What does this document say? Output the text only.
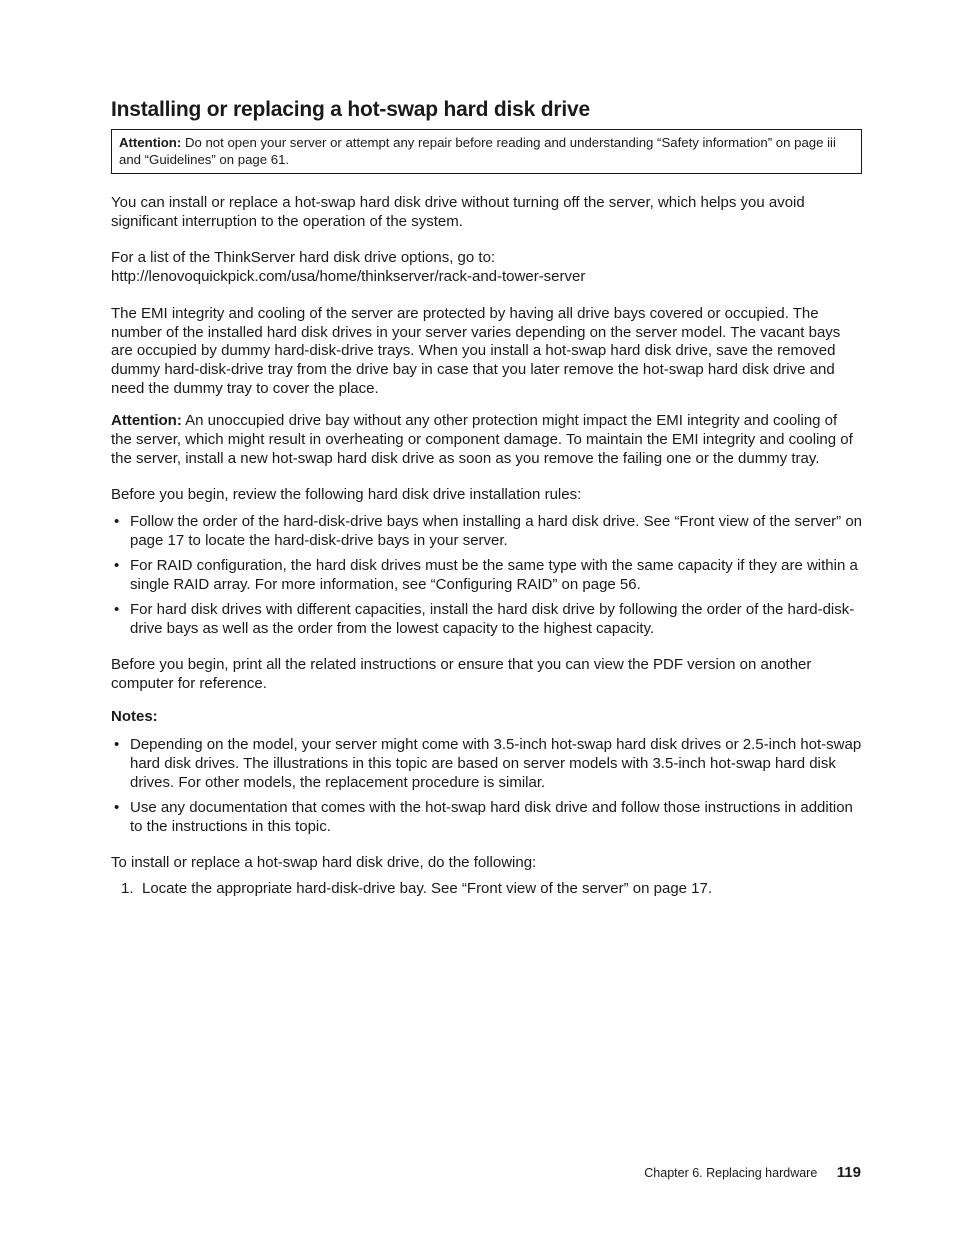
Installing or replacing a hot-swap hard disk drive
Attention: Do not open your server or attempt any repair before reading and understanding “Safety information” on page iii and “Guidelines” on page 61.

You can install or replace a hot-swap hard disk drive without turning off the server, which helps you avoid significant interruption to the operation of the system.

For a list of the ThinkServer hard disk drive options, go to:
http://lenovoquickpick.com/usa/home/thinkserver/rack-and-tower-server

The EMI integrity and cooling of the server are protected by having all drive bays covered or occupied. The number of the installed hard disk drives in your server varies depending on the server model. The vacant bays are occupied by dummy hard-disk-drive trays. When you install a hot-swap hard disk drive, save the removed dummy hard-disk-drive tray from the drive bay in case that you later remove the hot-swap hard disk drive and need the dummy tray to cover the place.

Attention: An unoccupied drive bay without any other protection might impact the EMI integrity and cooling of the server, which might result in overheating or component damage. To maintain the EMI integrity and cooling of the server, install a new hot-swap hard disk drive as soon as you remove the failing one or the dummy tray.

Before you begin, review the following hard disk drive installation rules:

• Follow the order of the hard-disk-drive bays when installing a hard disk drive. See “Front view of the server” on page 17 to locate the hard-disk-drive bays in your server.
• For RAID configuration, the hard disk drives must be the same type with the same capacity if they are within a single RAID array. For more information, see “Configuring RAID” on page 56.
• For hard disk drives with different capacities, install the hard disk drive by following the order of the hard-disk-drive bays as well as the order from the lowest capacity to the highest capacity.

Before you begin, print all the related instructions or ensure that you can view the PDF version on another computer for reference.

Notes:
• Depending on the model, your server might come with 3.5-inch hot-swap hard disk drives or 2.5-inch hot-swap hard disk drives. The illustrations in this topic are based on server models with 3.5-inch hot-swap hard disk drives. For other models, the replacement procedure is similar.
• Use any documentation that comes with the hot-swap hard disk drive and follow those instructions in addition to the instructions in this topic.

To install or replace a hot-swap hard disk drive, do the following:

1. Locate the appropriate hard-disk-drive bay. See “Front view of the server” on page 17.
Chapter 6. Replacing hardware 119
